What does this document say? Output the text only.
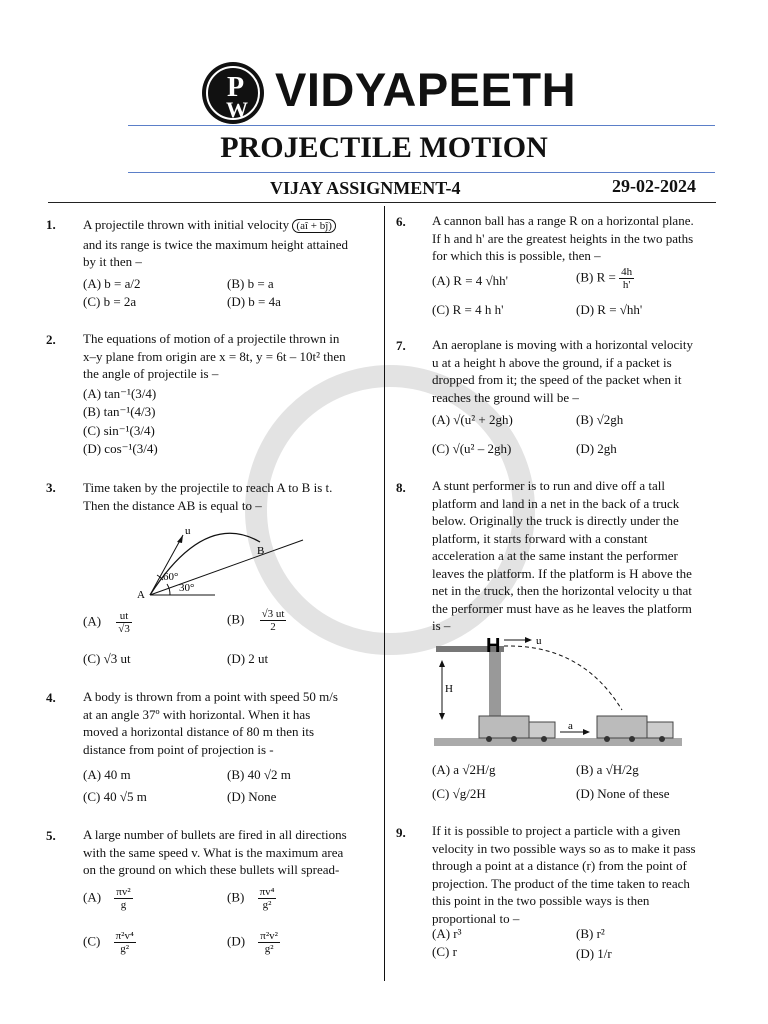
P
W VIDYAPEETH
PROJECTILE MOTION
VIJAY ASSIGNMENT-4	29-02-2024
1. A projectile thrown with initial velocity (aî + bĵ)
and its range is twice the maximum height attained
by it then –
(A) b = a/2	(B) b = a
(C) b = 2a	(D) b = 4a
2. The equations of motion of a projectile thrown in
x–y plane from origin are x = 8t, y = 6t – 10t² then
the angle of projectile is –
(A) tan⁻¹(3/4)
(B) tan⁻¹(4/3)
(C) sin⁻¹(3/4)
(D) cos⁻¹(3/4)
3. Time taken by the projectile to reach A to B is t.
Then the distance AB is equal to –
u
B
A
60°
30°
$(A) \frac{ut}{√3}$	$(B) \frac{√3 ut}{2}$
(C) √3 ut	(D) 2 ut
4. A body is thrown from a point with speed 50 m/s
at an angle 37º with horizontal. When it has
moved a horizontal distance of 80 m then its
distance from point of projection is -
(A) 40 m	(B) 40 √2 m
(C) 40 √5 m	(D) None
5. A large number of bullets are fired in all directions
with the same speed v. What is the maximum area
on the ground on which these bullets will spread-
$(A) \frac{\text{πv²}}{g}$	$(B) \frac{\text{πv⁴}}{\text{g²}}$
$(C) \frac{\text{π²v⁴}}{\text{g²}}$	$(D) \frac{\text{π²v²}}{\text{g²}}$
6. A cannon ball has a range R on a horizontal plane.
If h and h' are the greatest heights in the two paths
for which this is possible, then –
(A) R = 4 √hh'	(B) $R = \frac{4h}{h'}$
(C) R = 4 h h'	(D) R = √hh'
7. An aeroplane is moving with a horizontal velocity
u at a height h above the ground, if a packet is
dropped from it; the speed of the packet when it
reaches the ground will be –
(A) √(u² + 2gh)	(B) √2gh
(C) √(u² – 2gh)	(D) 2gh
8. A stunt performer is to run and dive off a tall
platform and land in a net in the back of a truck
below. Originally the truck is directly under the
platform, it starts forward with a constant
acceleration a at the same instant the performer
leaves the platform. If the platform is H above the
net in the truck, then the horizontal velocity u that
the performer must have as he leaves the platform
is –
H	u
H
a
(A) a √2H/g	(B) a √H/2g
(C) √g/2H	(D) None of these
9. If it is possible to project a particle with a given
velocity in two possible ways so as to make it pass
through a point at a distance (r) from the point of
projection. The product of the time taken to reach
this point in the two possible ways is then
proportional to –
(A) r³	(B) r²
(C) r	(D) 1/r
